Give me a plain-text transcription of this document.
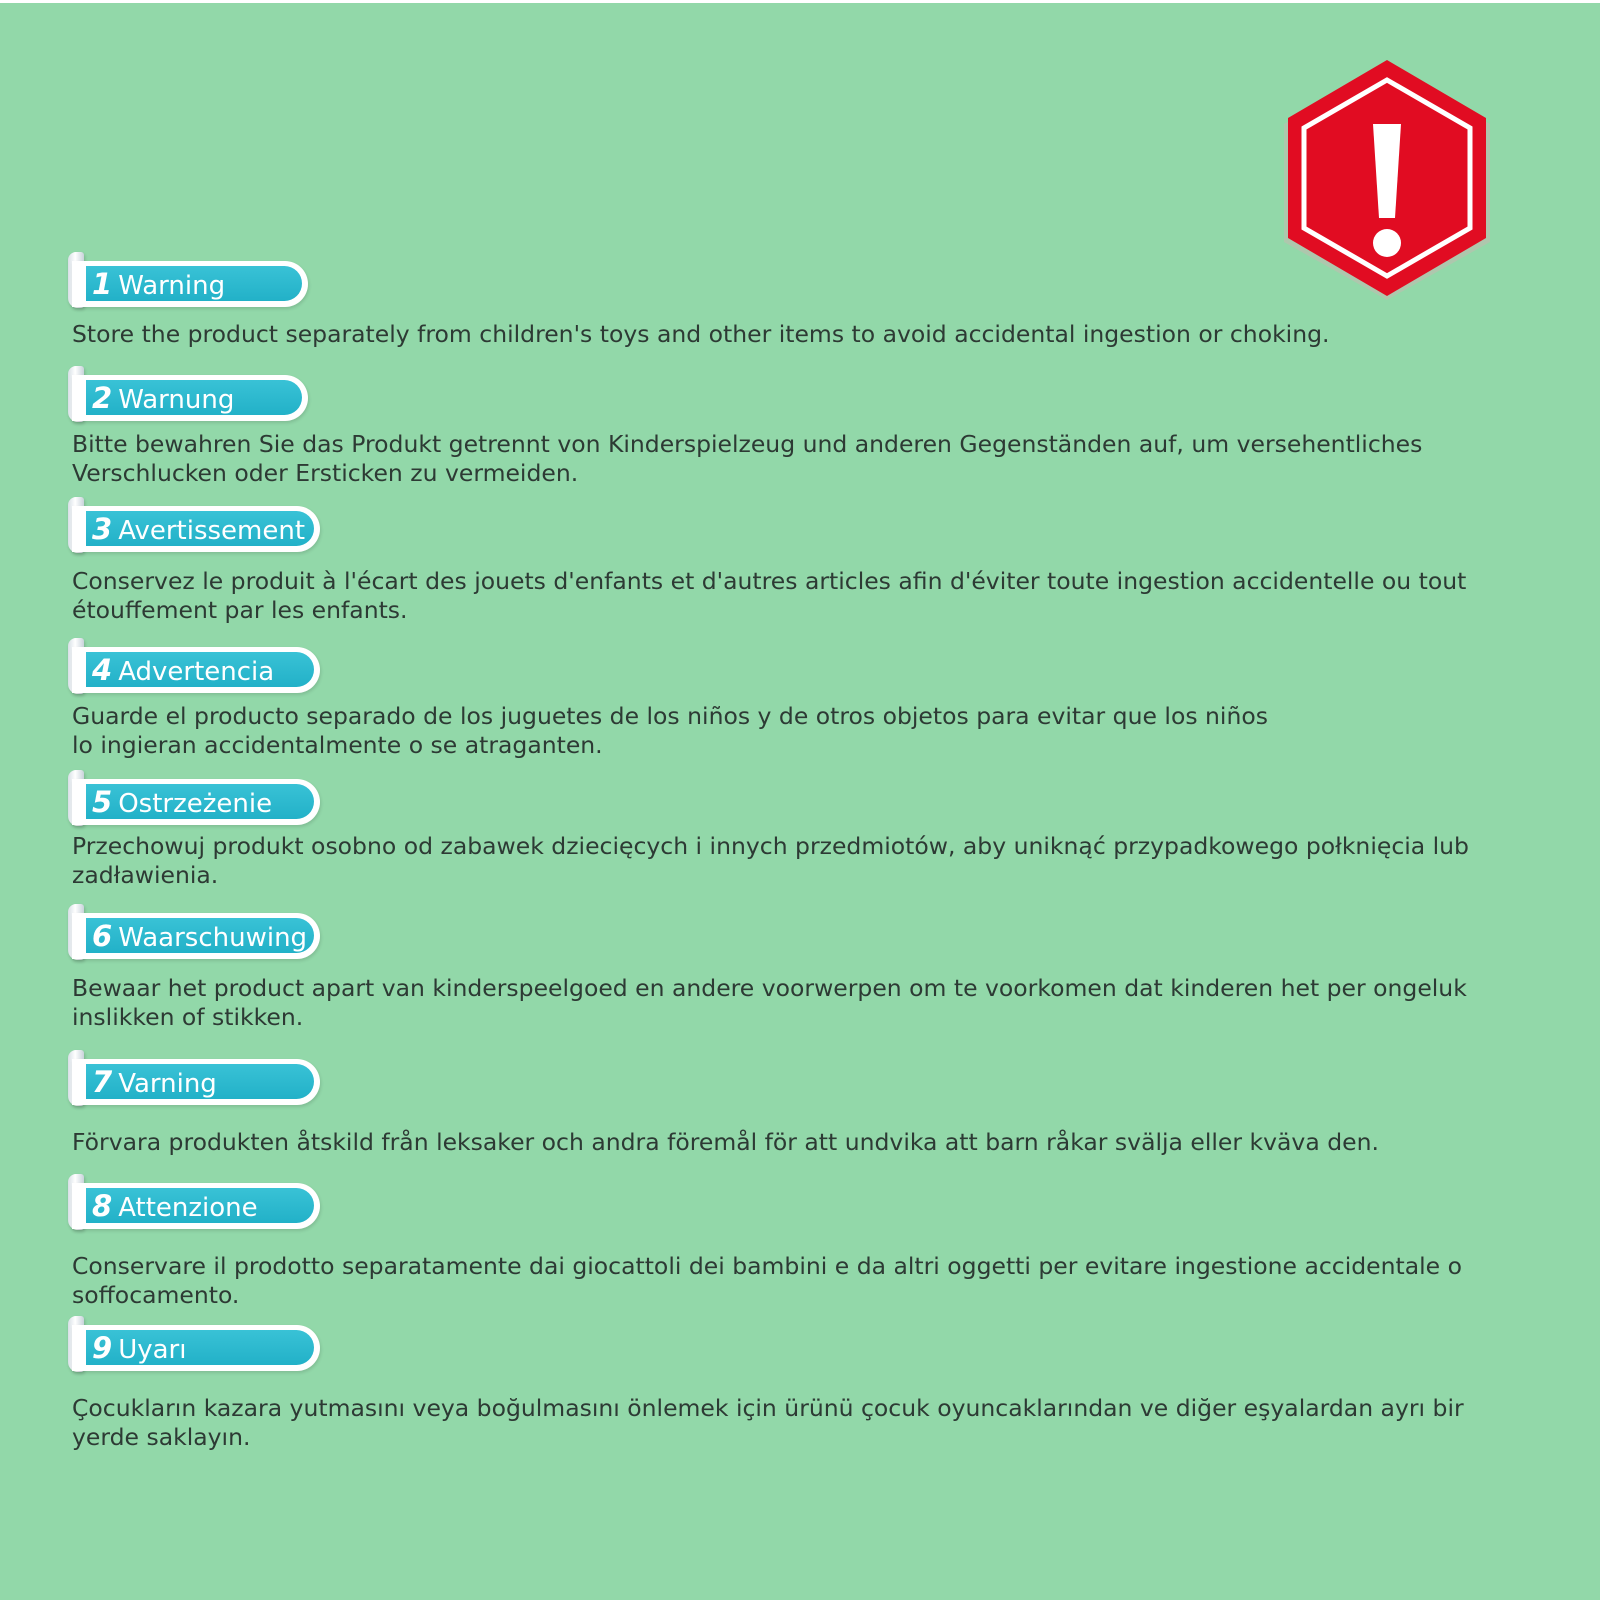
1 Warning

Store the product separately from children's toys and other items to avoid accidental ingestion or choking.

2 Warnung

Bitte bewahren Sie das Produkt getrennt von Kinderspielzeug und anderen Gegenständen auf, um versehentliches Verschlucken oder Ersticken zu vermeiden.

3 Avertissement

Conservez le produit à l'écart des jouets d'enfants et d'autres articles afin d'éviter toute ingestion accidentelle ou tout étouffement par les enfants.

4 Advertencia

Guarde el producto separado de los juguetes de los niños y de otros objetos para evitar que los niños lo ingieran accidentalmente o se atraganten.

5 Ostrzeżenie

Przechowuj produkt osobno od zabawek dziecięcych i innych przedmiotów, aby uniknąć przypadkowego połknięcia lub zadławienia.

6 Waarschuwing

Bewaar het product apart van kinderspeelgoed en andere voorwerpen om te voorkomen dat kinderen het per ongeluk inslikken of stikken.

7 Varning

Förvara produkten åtskild från leksaker och andra föremål för att undvika att barn råkar svälja eller kväva den.

8 Attenzione

Conservare il prodotto separatamente dai giocattoli dei bambini e da altri oggetti per evitare ingestione accidentale o soffocamento.

9 Uyarı

Çocukların kazara yutmasını veya boğulmasını önlemek için ürünü çocuk oyuncaklarından ve diğer eşyalardan ayrı bir yerde saklayın.
